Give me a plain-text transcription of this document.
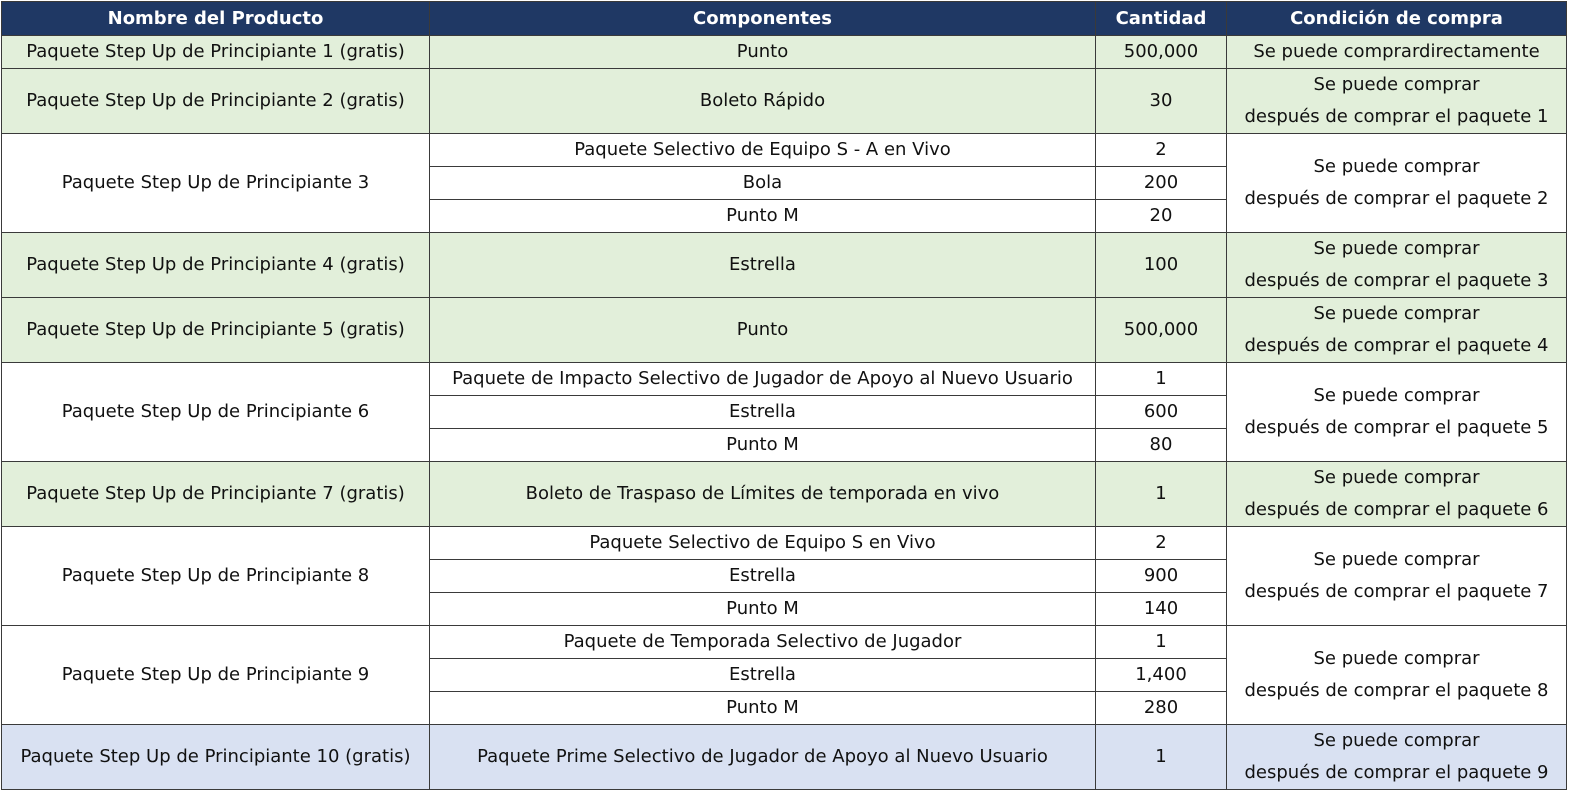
Nombre del Producto	Componentes	Cantidad	Condición de compra
Paquete Step Up de Principiante 1 (gratis)	Punto	500,000	Se puede comprardirectamente

Paquete Step Up de Principiante 2 (gratis)	Boleto Rápido	30	Se puede comprar
después de comprar el paquete 1

Paquete Step Up de Principiante 3	Paquete Selectivo de Equipo S - A en Vivo	2	Se puede comprar
después de comprar el paquete 2

	Bola	200	
	Punto M	20	
Paquete Step Up de Principiante 4 (gratis)	Estrella	100	Se puede comprar
después de comprar el paquete 3

Paquete Step Up de Principiante 5 (gratis)	Punto	500,000	Se puede comprar
después de comprar el paquete 4

Paquete Step Up de Principiante 6	Paquete de Impacto Selectivo de Jugador de Apoyo al Nuevo Usuario	1	Se puede comprar
después de comprar el paquete 5

	Estrella	600	
	Punto M	80	
Paquete Step Up de Principiante 7 (gratis)	Boleto de Traspaso de Límites de temporada en vivo	1	Se puede comprar
después de comprar el paquete 6

Paquete Step Up de Principiante 8	Paquete Selectivo de Equipo S en Vivo	2	Se puede comprar
después de comprar el paquete 7

	Estrella	900	
	Punto M	140	
Paquete Step Up de Principiante 9	Paquete de Temporada Selectivo de Jugador	1	Se puede comprar
después de comprar el paquete 8

	Estrella	1,400	
	Punto M	280	
Paquete Step Up de Principiante 10 (gratis)	Paquete Prime Selectivo de Jugador de Apoyo al Nuevo Usuario	1	Se puede comprar
después de comprar el paquete 9
